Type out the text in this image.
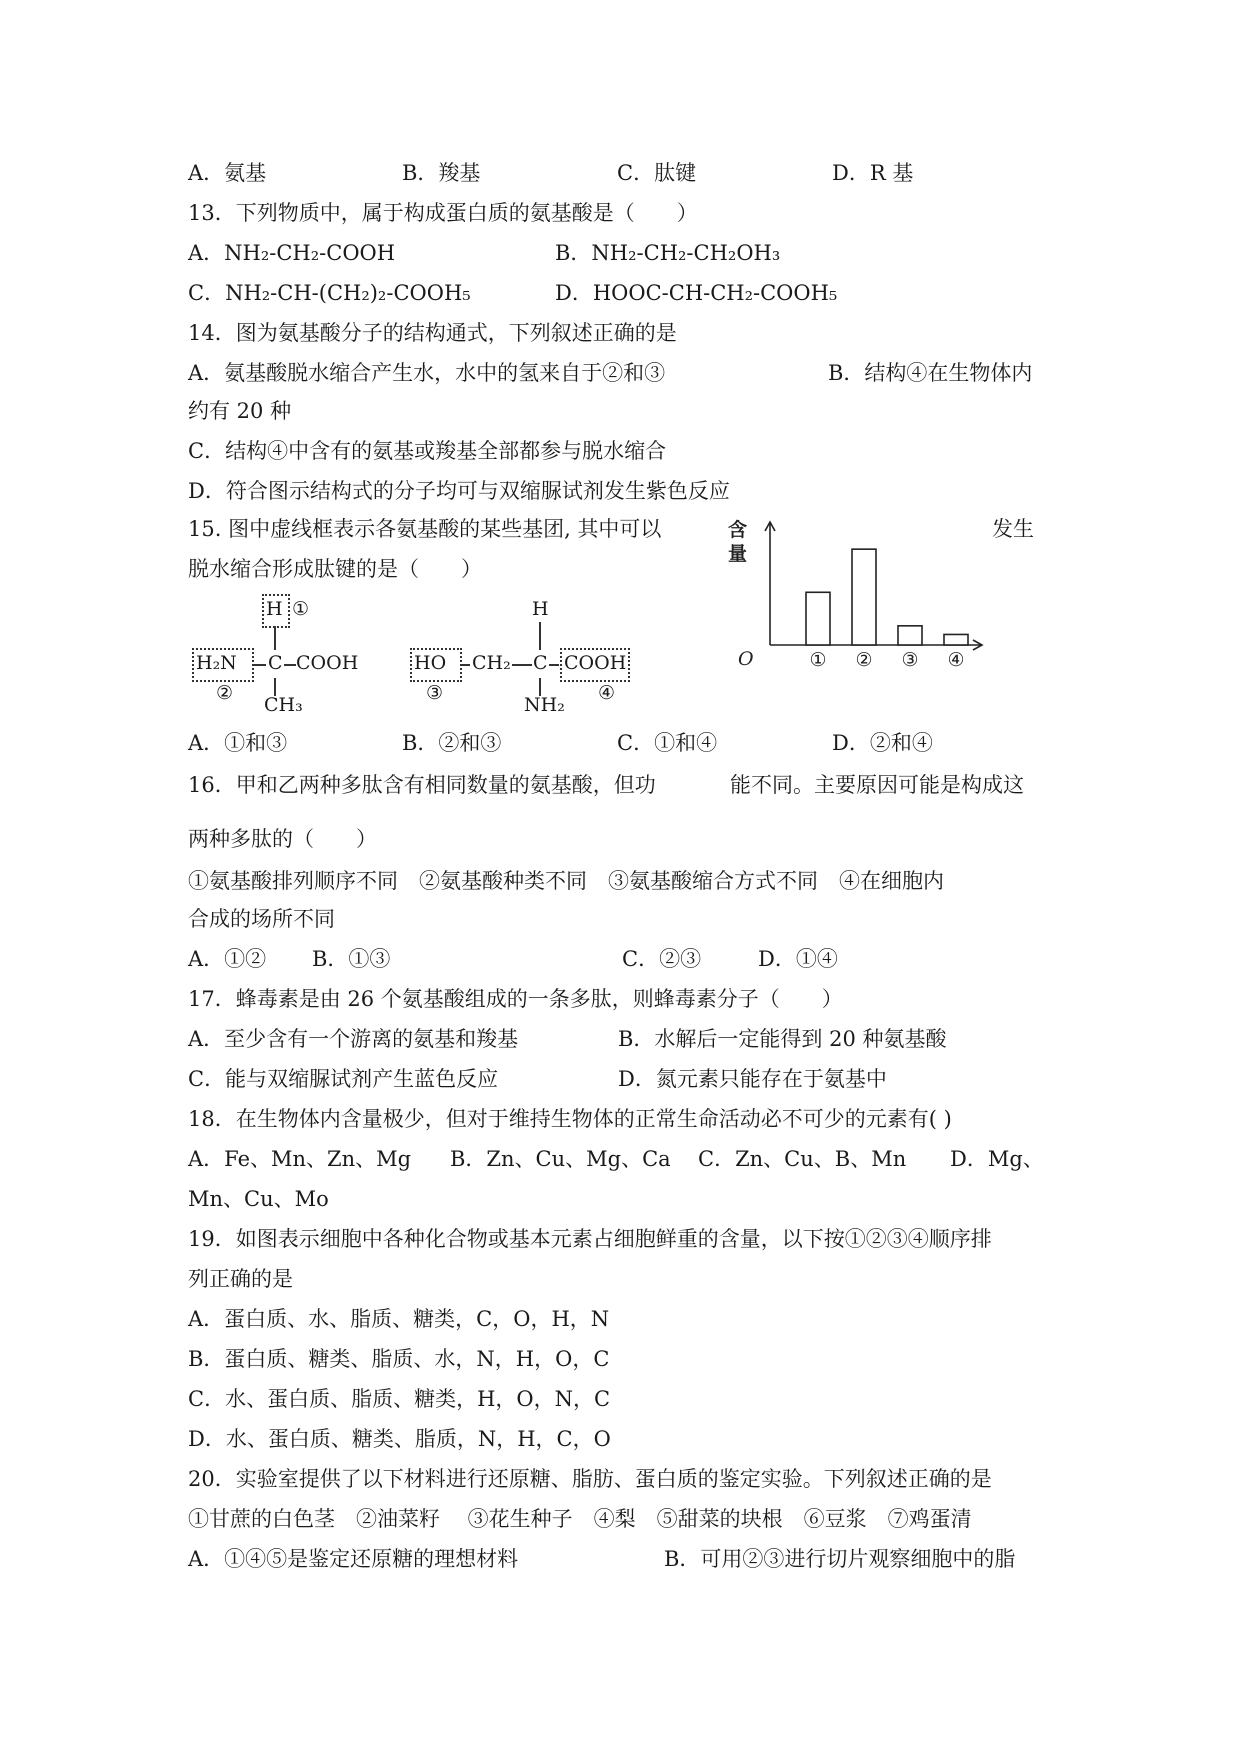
A．氨基	B．羧基	C．肽键	D．R 基
13．下列物质中，属于构成蛋白质的氨基酸是（　　）
A．NH₂-CH₂-COOH	B．NH₂-CH₂-CH₂OH₃
C．NH₂-CH-(CH₂)₂-COOH₅	D．HOOC-CH-CH₂-COOH₅
14．图为氨基酸分子的结构通式，下列叙述正确的是
A．氨基酸脱水缩合产生水，水中的氢来自于②和③	B．结构④在生物体内
约有 20 种
C．结构④中含有的氨基或羧基全部都参与脱水缩合
D．符合图示结构式的分子均可与双缩脲试剂发生紫色反应
15. 图中虚线框表示各氨基酸的某些基团, 其中可以	发生
脱水缩合形成肽键的是（　　）
H ①
H₂N C COOH
②
CH₃
H
HO CH₂ C COOH
③	④
NH₂
含
量
O	① ② ③ ④
A．①和③	B．②和③	C．①和④	D．②和④
16．甲和乙两种多肽含有相同数量的氨基酸，但功	能不同。主要原因可能是构成这
两种多肽的（　　）
①氨基酸排列顺序不同　②氨基酸种类不同　③氨基酸缩合方式不同　④在细胞内
合成的场所不同
A．①② B．①③	C．②③	D．①④
17．蜂毒素是由 26 个氨基酸组成的一条多肽，则蜂毒素分子（　　）
A．至少含有一个游离的氨基和羧基	B．水解后一定能得到 20 种氨基酸
C．能与双缩脲试剂产生蓝色反应	D．氮元素只能存在于氨基中
18．在生物体内含量极少，但对于维持生物体的正常生命活动必不可少的元素有( )
A．Fe、Mn、Zn、Mg B．Zn、Cu、Mg、Ca C．Zn、Cu、B、Mn D．Mg、
Mn、Cu、Mo
19．如图表示细胞中各种化合物或基本元素占细胞鲜重的含量，以下按①②③④顺序排
列正确的是
A．蛋白质、水、脂质、糖类，C，O，H，N
B．蛋白质、糖类、脂质、水，N，H，O，C
C．水、蛋白质、脂质、糖类，H，O，N，C
D．水、蛋白质、糖类、脂质，N，H，C，O
20．实验室提供了以下材料进行还原糖、脂肪、蛋白质的鉴定实验。下列叙述正确的是
①甘蔗的白色茎　②油菜籽　 ③花生种子　④梨　⑤甜菜的块根　⑥豆浆　⑦鸡蛋清
A．①④⑤是鉴定还原糖的理想材料	B．可用②③进行切片观察细胞中的脂
